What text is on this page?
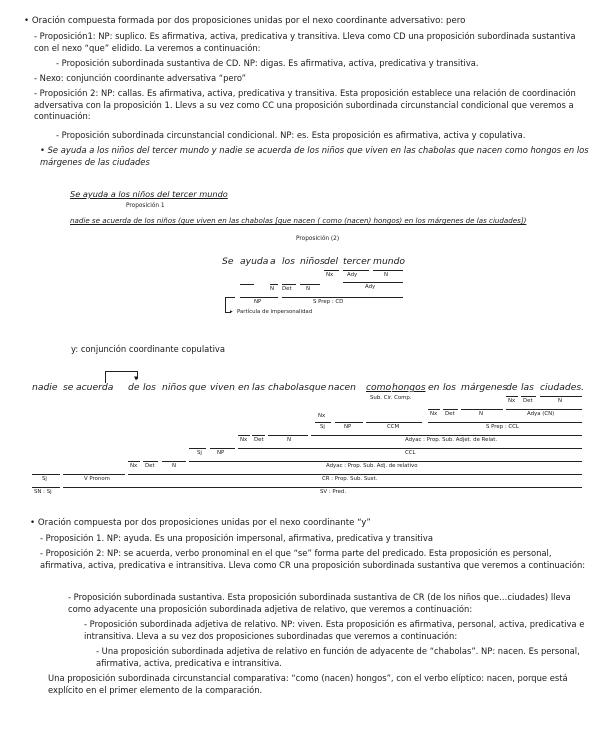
• Oración compuesta formada por dos proposiciones unidas por el nexo coordinante adversativo: pero
- Proposición1: NP: suplico. Es afirmativa, activa, predicativa y transitiva. Lleva como CD una proposición subordinada sustantiva con el nexo “que” elidido. La veremos a continuación:
- Proposición subordinada sustantiva de CD. NP: digas. Es afirmativa, activa, predicativa y transitiva.
- Nexo: conjunción coordinante adversativa “pero”
- Proposición 2: NP: callas. Es afirmativa, activa, predicativa y transitiva. Esta proposición establece una relación de coordinación adversativa con la proposición 1. Llevs a su vez como CC una proposición subordinada circunstancial condicional que veremos a continuación:
- Proposición subordinada circunstancial condicional. NP: es. Esta proposición es afirmativa, activa y copulativa.
• Se ayuda a los niños del tercer mundo y nadie se acuerda de los niños que viven en las chabolas que nacen como hongos en los márgenes de las ciudades
Se ayuda a los niños del tercer mundo
Proposición 1
nadie se acuerda de los niños (que viven en las chabolas [que nacen ( como (nacen) hongos) en los márgenes de las ciudades])
Proposición (2)
Se ayuda a los niños del tercer mundo
Nx	Ady	N
Ady
N Det	N
S Prep : CD
NP
▸ Partícula de impersonalidad
y: conjunción coordinante copulativa
▼
nadie se acuerda de los niños que viven en las chabolas que nacen como hongos en los márgenes
de las ciudades.
Sub. Cir. Comp.	Nx Det	N
Nx Det	N	Adya (CN)
Nx
Sj	NP	CCM	S Prep : CCL
Nx Det	N	Adyac : Prop. Sub. Adjet. de Relat.
Sj	NP	CCL
Nx Det	N	Adyac : Prop. Sub. Adj. de relativo
Sj	V Pronom	CR : Prop. Sub. Sust.
SN : Sj	SV : Pred.
• Oración compuesta por dos proposiciones unidas por el nexo coordinante “y”
- Proposición 1. NP: ayuda. Es una proposición impersonal, afirmativa, predicativa y transitiva
- Proposición 2: NP: se acuerda, verbo pronominal en el que “se” forma parte del predicado. Esta proposición es personal, afirmativa, activa, predicativa e intransitiva. Lleva como CR una proposición subordinada sustantiva que veremos a continuación:
- Proposición subordinada sustantiva. Esta proposición subordinada sustantiva de CR (de los niños que…ciudades) lleva como adyacente una proposición subordinada adjetiva de relativo, que veremos a continuación:
- Proposición subordinada adjetiva de relativo. NP: viven. Esta proposición es afirmativa, personal, activa, predicativa e intransitiva. Lleva a su vez dos proposiciones subordinadas que veremos a continuación:
- Una proposición subordinada adjetiva de relativo en función de adyacente de “chabolas”. NP: nacen. Es personal, afirmativa, activa, predicativa e intransitiva.
Una proposición subordinada circunstancial comparativa: “como (nacen) hongos”, con el verbo elíptico: nacen, porque está explícito en el primer elemento de la comparación.
